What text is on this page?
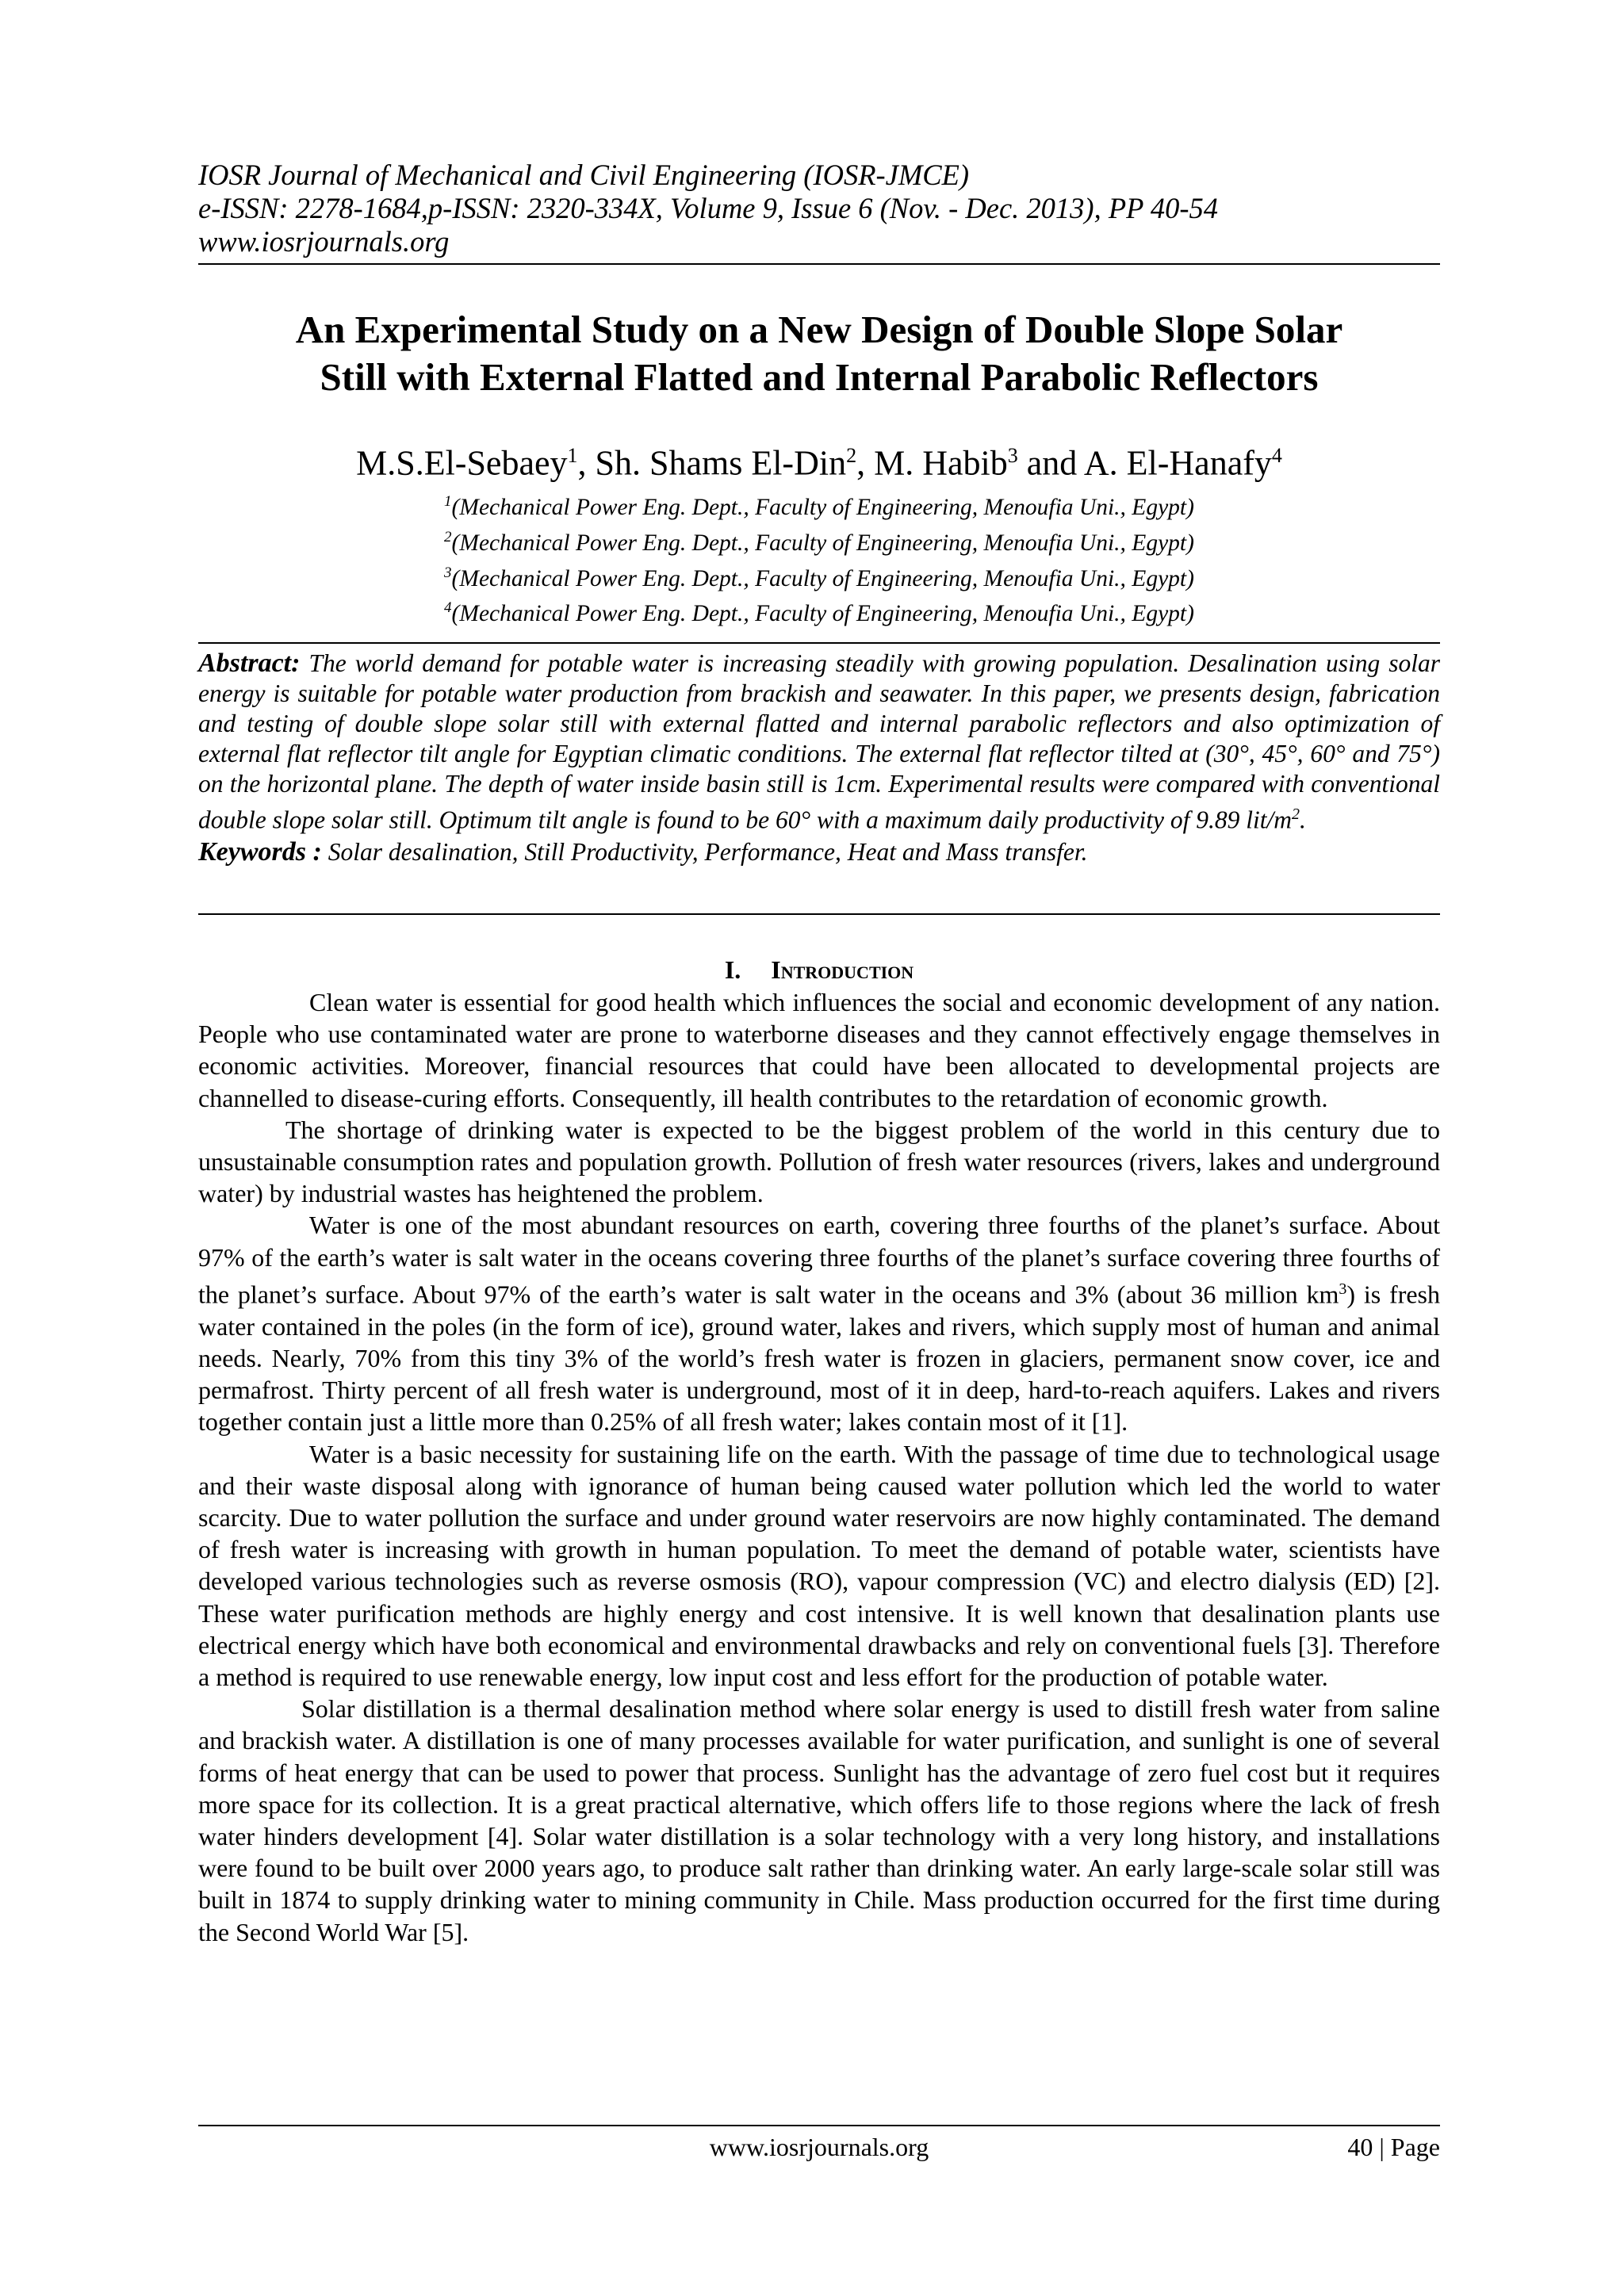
IOSR Journal of Mechanical and Civil Engineering (IOSR-JMCE)
e-ISSN: 2278-1684,p-ISSN: 2320-334X, Volume 9, Issue 6 (Nov. - Dec. 2013), PP 40-54
www.iosrjournals.org
An Experimental Study on a New Design of Double Slope Solar
Still with External Flatted and Internal Parabolic Reflectors
M.S.El-Sebaey$^1$, Sh. Shams El-Din$^2$, M. Habib$^3$ and A. El-Hanafy$^4$
$^1$(Mechanical Power Eng. Dept., Faculty of Engineering, Menoufia Uni., Egypt)
$^2$(Mechanical Power Eng. Dept., Faculty of Engineering, Menoufia Uni., Egypt)
$^3$(Mechanical Power Eng. Dept., Faculty of Engineering, Menoufia Uni., Egypt)
$^4$(Mechanical Power Eng. Dept., Faculty of Engineering, Menoufia Uni., Egypt)
Abstract: The world demand for potable water is increasing steadily with growing population. Desalination using solar energy is suitable for potable water production from brackish and seawater. In this paper, we presents design, fabrication and testing of double slope solar still with external flatted and internal parabolic reflectors and also optimization of external flat reflector tilt angle for Egyptian climatic conditions. The external flat reflector tilted at (30°, 45°, 60° and 75°) on the horizontal plane. The depth of water inside basin still is 1cm. Experimental results were compared with conventional double slope solar still. Optimum tilt angle is found to be 60° with a maximum daily productivity of 9.89 lit/$m^2$.
Keywords : Solar desalination, Still Productivity, Performance, Heat and Mass transfer.
I. Introduction

Clean water is essential for good health which influences the social and economic development of any nation. People who use contaminated water are prone to waterborne diseases and they cannot effectively engage themselves in economic activities. Moreover, financial resources that could have been allocated to developmental projects are channelled to disease-curing efforts. Consequently, ill health contributes to the retardation of economic growth.

The shortage of drinking water is expected to be the biggest problem of the world in this century due to unsustainable consumption rates and population growth. Pollution of fresh water resources (rivers, lakes and underground water) by industrial wastes has heightened the problem.

Water is one of the most abundant resources on earth, covering three fourths of the planet’s surface. About 97% of the earth’s water is salt water in the oceans covering three fourths of the planet’s surface covering three fourths of the planet’s surface. About 97% of the earth’s water is salt water in the oceans and 3% (about 36 million $km^3$) is fresh water contained in the poles (in the form of ice), ground water, lakes and rivers, which supply most of human and animal needs. Nearly, 70% from this tiny 3% of the world’s fresh water is frozen in glaciers, permanent snow cover, ice and permafrost. Thirty percent of all fresh water is underground, most of it in deep, hard-to-reach aquifers. Lakes and rivers together contain just a little more than 0.25% of all fresh water; lakes contain most of it [1].

Water is a basic necessity for sustaining life on the earth. With the passage of time due to technological usage and their waste disposal along with ignorance of human being caused water pollution which led the world to water scarcity. Due to water pollution the surface and under ground water reservoirs are now highly contaminated. The demand of fresh water is increasing with growth in human population. To meet the demand of potable water, scientists have developed various technologies such as reverse osmosis (RO), vapour compression (VC) and electro dialysis (ED) [2]. These water purification methods are highly energy and cost intensive. It is well known that desalination plants use electrical energy which have both economical and environmental drawbacks and rely on conventional fuels [3]. Therefore a method is required to use renewable energy, low input cost and less effort for the production of potable water.

Solar distillation is a thermal desalination method where solar energy is used to distill fresh water from saline and brackish water. A distillation is one of many processes available for water purification, and sunlight is one of several forms of heat energy that can be used to power that process. Sunlight has the advantage of zero fuel cost but it requires more space for its collection. It is a great practical alternative, which offers life to those regions where the lack of fresh water hinders development [4]. Solar water distillation is a solar technology with a very long history, and installations were found to be built over 2000 years ago, to produce salt rather than drinking water. An early large-scale solar still was built in 1874 to supply drinking water to mining community in Chile. Mass production occurred for the first time during the Second World War [5].

www.iosrjournals.org	40 | Page
